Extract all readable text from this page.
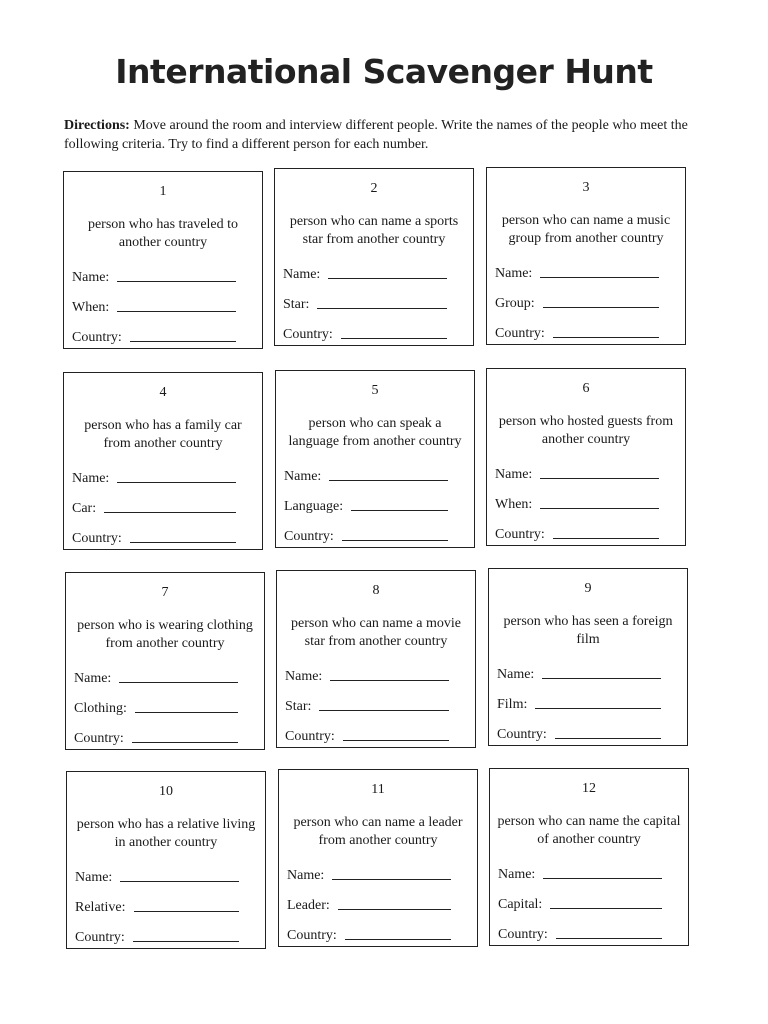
International Scavenger Hunt
Directions: Move around the room and interview different people. Write the names of the people who meet the following criteria. Try to find a different person for each number.
1
person who has traveled to another country
Name:
When:
Country:
2
person who can name a sports star from another country
Name:
Star:
Country:
3
person who can name a music group from another country
Name:
Group:
Country:
4
person who has a family car from another country
Name:
Car:
Country:
5
person who can speak a language from another country
Name:
Language:
Country:
6
person who hosted guests from another country
Name:
When:
Country:
7
person who is wearing clothing from another country
Name:
Clothing:
Country:
8
person who can name a movie star from another country
Name:
Star:
Country:
9
person who has seen a foreign film
Name:
Film:
Country:
10
person who has a relative living in another country
Name:
Relative:
Country:
11
person who can name a leader from another country
Name:
Leader:
Country:
12
person who can name the capital of another country
Name:
Capital:
Country:
